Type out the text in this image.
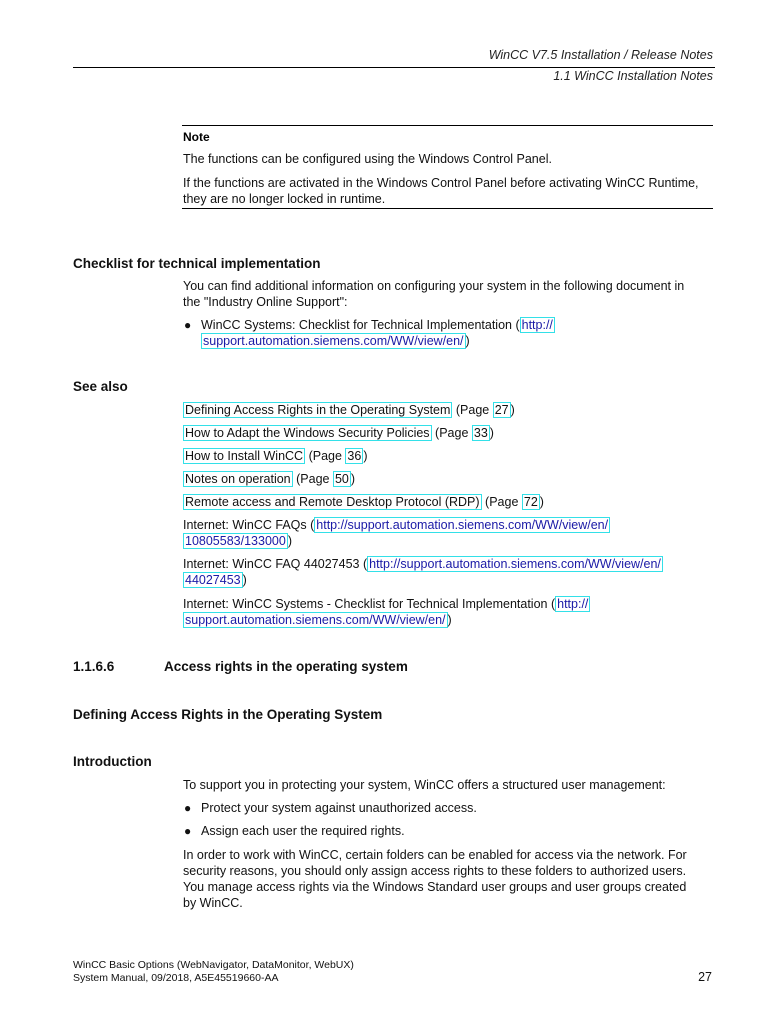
WinCC V7.5 Installation / Release Notes
1.1 WinCC Installation Notes
Note
The functions can be configured using the Windows Control Panel.
If the functions are activated in the Windows Control Panel before activating WinCC Runtime,
they are no longer locked in runtime.
Checklist for technical implementation
You can find additional information on configuring your system in the following document in
the "Industry Online Support":
● WinCC Systems: Checklist for Technical Implementation ( http://
support.automation.siemens.com/WW/view/en/ )
See also
Defining Access Rights in the Operating System (Page 27 )
How to Adapt the Windows Security Policies (Page 33 )
How to Install WinCC (Page 36 )
Notes on operation (Page 50 )
Remote access and Remote Desktop Protocol (RDP) (Page 72 )
Internet: WinCC FAQs ( http://support.automation.siemens.com/WW/view/en/
10805583/133000 )
Internet: WinCC FAQ 44027453 ( http://support.automation.siemens.com/WW/view/en/
44027453 )
Internet: WinCC Systems - Checklist for Technical Implementation ( http://
support.automation.siemens.com/WW/view/en/ )
1.1.6.6	Access rights in the operating system
Defining Access Rights in the Operating System
Introduction
To support you in protecting your system, WinCC offers a structured user management:
● Protect your system against unauthorized access.
● Assign each user the required rights.
In order to work with WinCC, certain folders can be enabled for access via the network. For
security reasons, you should only assign access rights to these folders to authorized users.
You manage access rights via the Windows Standard user groups and user groups created
by WinCC.
WinCC Basic Options (WebNavigator, DataMonitor, WebUX)
System Manual, 09/2018, A5E45519660-AA	27
